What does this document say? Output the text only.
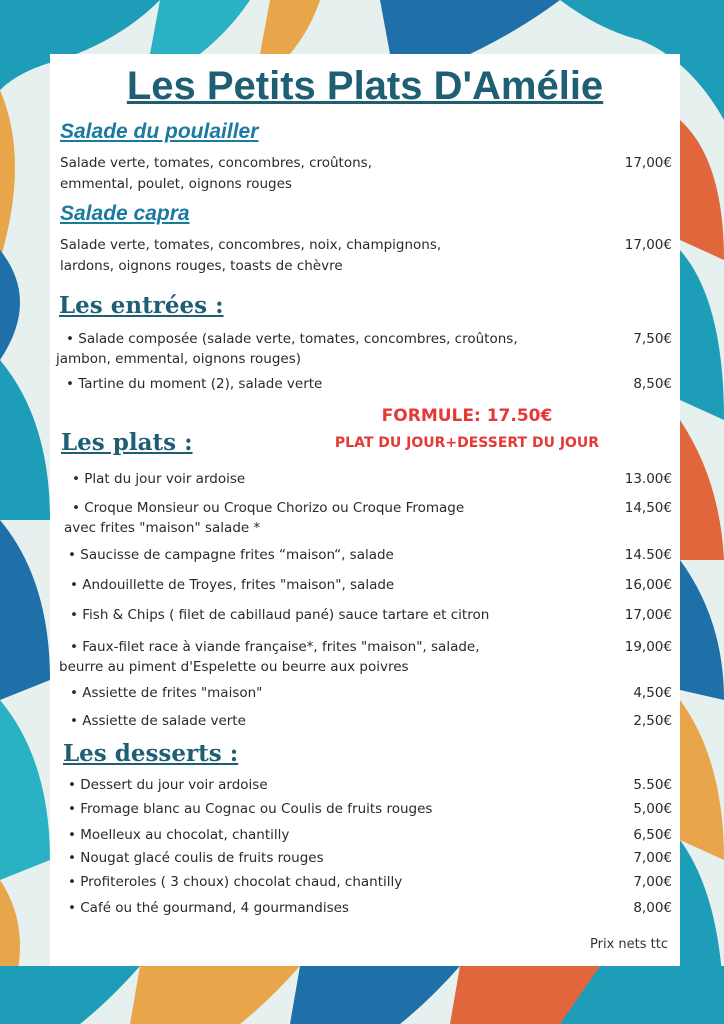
Les Petits Plats D'Amélie
Salade du poulailler
Salade verte, tomates, concombres, croûtons,
emmental, poulet, oignons rouges
17,00€
Salade capra
Salade verte, tomates, concombres, noix, champignons,
lardons, oignons rouges, toasts de chèvre
17,00€
Les entrées :
• Salade composée (salade verte, tomates, concombres, croûtons,
jambon, emmental, oignons rouges)
7,50€
• Tartine du moment (2), salade verte	8,50€
FORMULE: 17.50€
PLAT DU JOUR+DESSERT DU JOUR
Les plats :
• Plat du jour voir ardoise	13.00€
• Croque Monsieur ou Croque Chorizo ou Croque Fromage
avec frites "maison" salade *
14,50€
• Saucisse de campagne frites “maison“, salade	14.50€
• Andouillette de Troyes, frites "maison", salade	16,00€
• Fish & Chips ( filet de cabillaud pané) sauce tartare et citron	17,00€
• Faux-filet race à viande française*, frites "maison", salade,
beurre au piment d'Espelette ou beurre aux poivres
19,00€
• Assiette de frites "maison"	4,50€
• Assiette de salade verte	2,50€
Les desserts :
• Dessert du jour voir ardoise	5.50€
• Fromage blanc au Cognac ou Coulis de fruits rouges	5,00€
• Moelleux au chocolat, chantilly	6,50€
• Nougat glacé coulis de fruits rouges	7,00€
• Profiteroles ( 3 choux) chocolat chaud, chantilly	7,00€
• Café ou thé gourmand, 4 gourmandises	8,00€
Prix nets ttc
